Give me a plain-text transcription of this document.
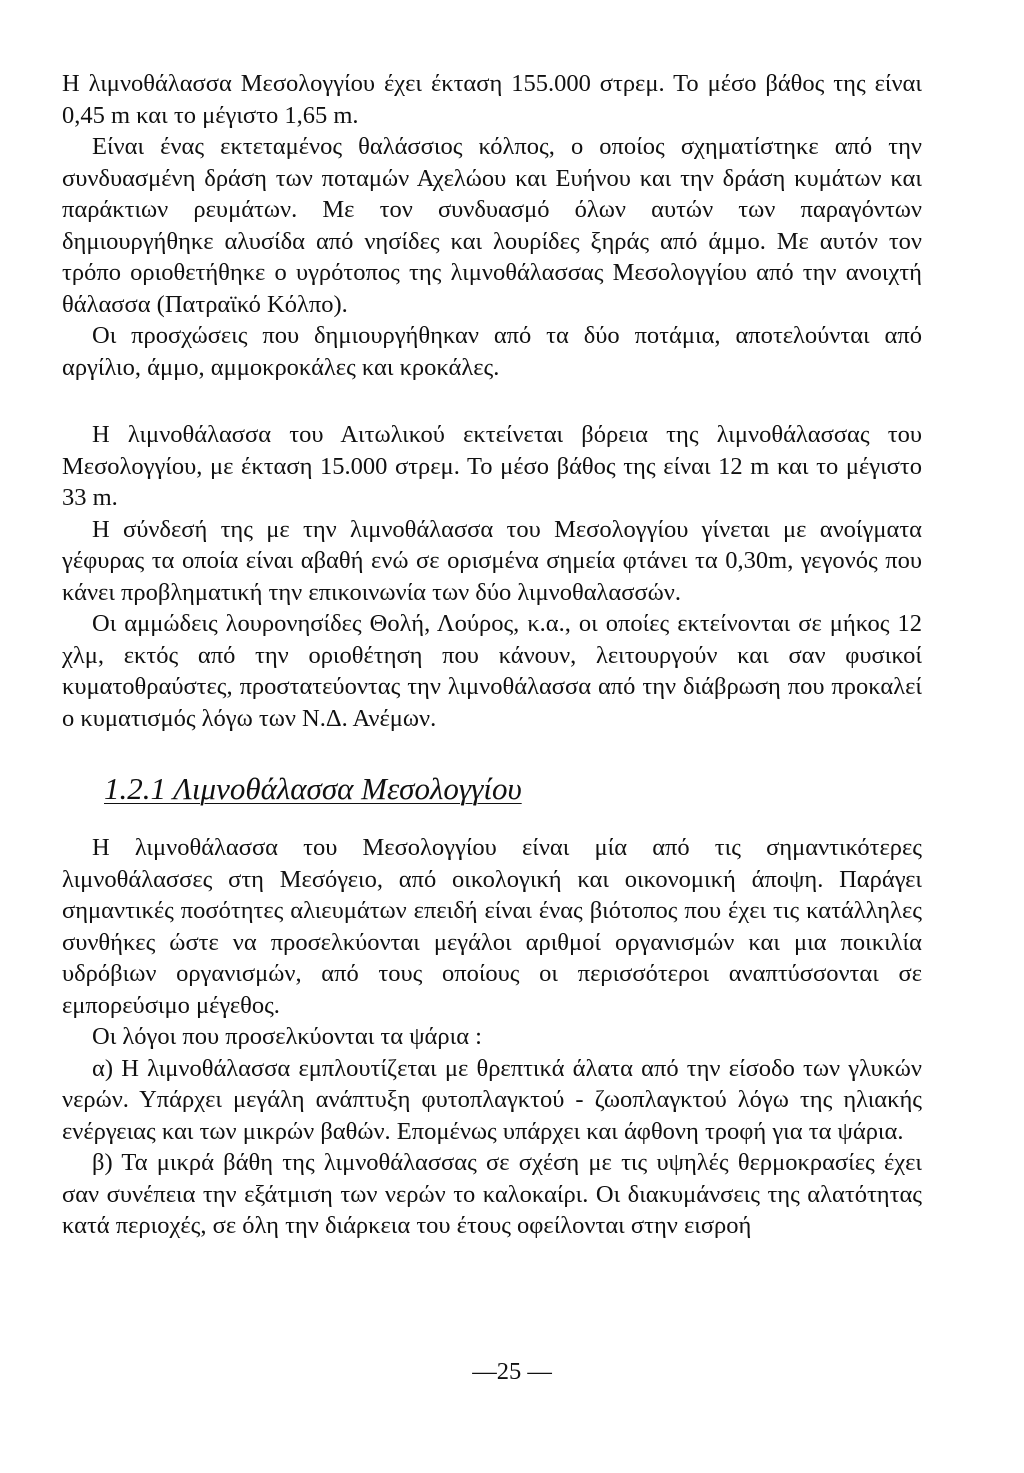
Η λιμνοθάλασσα Μεσολογγίου έχει έκταση 155.000 στρεμ. Το μέσο βάθος της είναι 0,45 m και το μέγιστο 1,65 m.

Είναι ένας εκτεταμένος θαλάσσιος κόλπος, ο οποίος σχηματίστηκε από την συνδυασμένη δράση των ποταμών Αχελώου και Ευήνου και την δράση κυμάτων και παράκτιων ρευμάτων. Με τον συνδυασμό όλων αυτών των παραγόντων δημιουργήθηκε αλυσίδα από νησίδες και λουρίδες ξηράς από άμμο. Με αυτόν τον τρόπο οριοθετήθηκε ο υγρότοπος της λιμνοθάλασσας Μεσολογγίου από την ανοιχτή θάλασσα (Πατραϊκό Κόλπο).

Οι προσχώσεις που δημιουργήθηκαν από τα δύο ποτάμια, αποτελούνται από αργίλιο, άμμο, αμμοκροκάλες και κροκάλες.

Η λιμνοθάλασσα του Αιτωλικού εκτείνεται βόρεια της λιμνοθάλασσας του Μεσολογγίου, με έκταση 15.000 στρεμ. Το μέσο βάθος της είναι 12 m και το μέγιστο 33 m.

Η σύνδεσή της με την λιμνοθάλασσα του Μεσολογγίου γίνεται με ανοίγματα γέφυρας τα οποία είναι αβαθή ενώ σε ορισμένα σημεία φτάνει τα 0,30m, γεγονός που κάνει προβληματική την επικοινωνία των δύο λιμνοθαλασσών.

Οι αμμώδεις λουρονησίδες Θολή, Λούρος, κ.α., οι οποίες εκτείνονται σε μήκος 12 χλμ, εκτός από την οριοθέτηση που κάνουν, λειτουργούν και σαν φυσικοί κυματοθραύστες, προστατεύοντας την λιμνοθάλασσα από την διάβρωση που προκαλεί ο κυματισμός λόγω των Ν.Δ. Ανέμων.

1.2.1 Λιμνοθάλασσα Μεσολογγίου

Η λιμνοθάλασσα του Μεσολογγίου είναι μία από τις σημαντικότερες λιμνοθάλασσες στη Μεσόγειο, από οικολογική και οικονομική άποψη. Παράγει σημαντικές ποσότητες αλιευμάτων επειδή είναι ένας βιότοπος που έχει τις κατάλληλες συνθήκες ώστε να προσελκύονται μεγάλοι αριθμοί οργανισμών και μια ποικιλία υδρόβιων οργανισμών, από τους οποίους οι περισσότεροι αναπτύσσονται σε εμπορεύσιμο μέγεθος.

Οι λόγοι που προσελκύονται τα ψάρια :

α) Η λιμνοθάλασσα εμπλουτίζεται με θρεπτικά άλατα από την είσοδο των γλυκών νερών. Υπάρχει μεγάλη ανάπτυξη φυτοπλαγκτού - ζωοπλαγκτού λόγω της ηλιακής ενέργειας και των μικρών βαθών. Επομένως υπάρχει και άφθονη τροφή για τα ψάρια.

β) Τα μικρά βάθη της λιμνοθάλασσας σε σχέση με τις υψηλές θερμοκρασίες έχει σαν συνέπεια την εξάτμιση των νερών το καλοκαίρι. Οι διακυμάνσεις της αλατότητας κατά περιοχές, σε όλη την διάρκεια του έτους οφείλονται στην εισροή

—25 —
